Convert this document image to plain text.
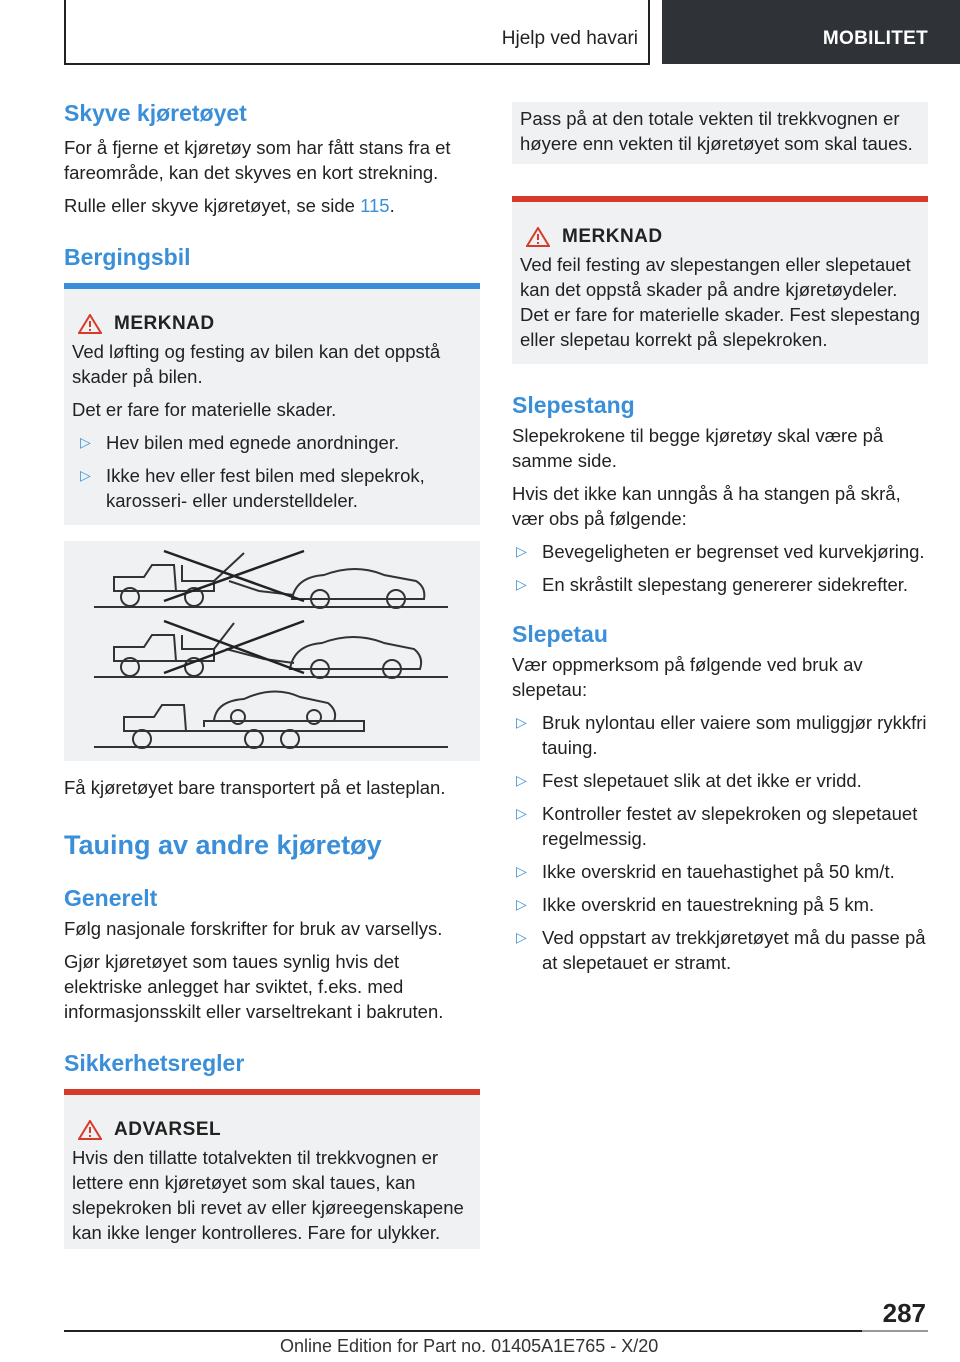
Hjelp ved havari	MOBILITET
Skyve kjøretøyet

For å fjerne et kjøretøy som har fått stans fra et fareområde, kan det skyves en kort strekning.

Rulle eller skyve kjøretøyet, se side 115.

Bergingsbil
MERKNAD

Ved løfting og festing av bilen kan det oppstå skader på bilen.

Det er fare for materielle skader.

▷ Hev bilen med egnede anordninger.
▷ Ikke hev eller fest bilen med slepekrok, karosseri- eller understelldeler.

Få kjøretøyet bare transportert på et lasteplan.

Tauing av andre kjøretøy
Generelt

Følg nasjonale forskrifter for bruk av varsellys.

Gjør kjøretøyet som taues synlig hvis det elektriske anlegget har sviktet, f.eks. med informasjonsskilt eller varseltrekant i bakruten.

Sikkerhetsregler
ADVARSEL

Hvis den tillatte totalvekten til trekkvognen er lettere enn kjøretøyet som skal taues, kan slepekroken bli revet av eller kjøreegenskapene kan ikke lenger kontrolleres. Fare for ulykker.

Pass på at den totale vekten til trekkvognen er høyere enn vekten til kjøretøyet som skal taues.

MERKNAD

Ved feil festing av slepestangen eller slepetauet kan det oppstå skader på andre kjøretøydeler. Det er fare for materielle skader. Fest slepestang eller slepetau korrekt på slepekroken.

Slepestang

Slepekrokene til begge kjøretøy skal være på samme side.

Hvis det ikke kan unngås å ha stangen på skrå, vær obs på følgende:

▷ Bevegeligheten er begrenset ved kurvekjøring.
▷ En skråstilt slepestang genererer sidekrefter.
Slepetau

Vær oppmerksom på følgende ved bruk av slepetau:

▷ Bruk nylontau eller vaiere som muliggjør rykkfri tauing.
▷ Fest slepetauet slik at det ikke er vridd.
▷ Kontroller festet av slepekroken og slepetauet regelmessig.
▷ Ikke overskrid en tauehastighet på 50 km/t.
▷ Ikke overskrid en tauestrekning på 5 km.
▷ Ved oppstart av trekkjøretøyet må du passe på at slepetauet er stramt.
287
Online Edition for Part no. 01405A1E765 - X/20
